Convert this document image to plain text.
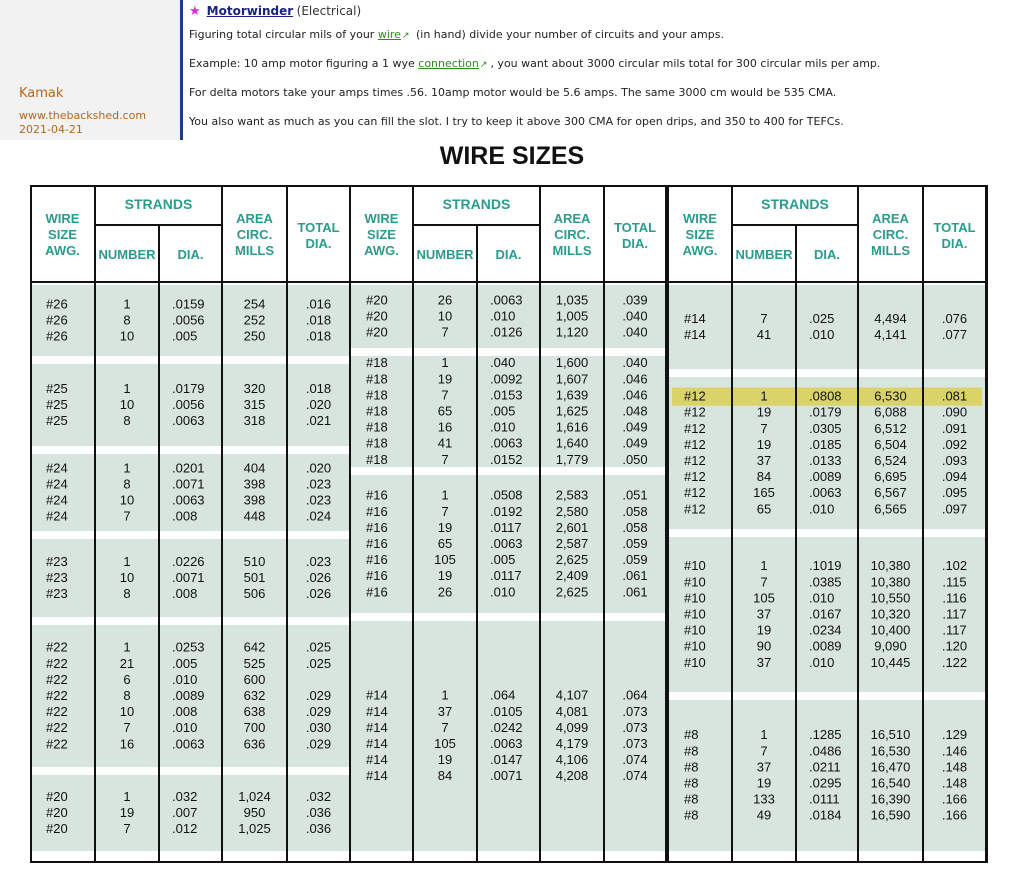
Kamak
www.thebackshed.com
2021-04-21
★ Motorwinder (Electrical)
Figuring total circular mils of your wire↗ (in hand) divide your number of circuits and your amps.
Example: 10 amp motor figuring a 1 wye connection↗ , you want about 3000 circular mils total for 300 circular mils per amp.
For delta motors take your amps times .56. 10amp motor would be 5.6 amps. The same 3000 cm would be 535 CMA.
You also want as much as you can fill the slot. I try to keep it above 300 CMA for open drips, and 350 to 400 for TEFCs.
WIRE SIZES
WIRE
SIZE
AWG.
STRANDS
NUMBER DIA.
AREA
CIRC.
MILLS
TOTAL
DIA.
WIRE
SIZE
AWG.
STRANDS
NUMBER DIA.
AREA
CIRC.
MILLS
TOTAL
DIA.
WIRE
SIZE
AWG.
STRANDS
NUMBER DIA.
AREA
CIRC.
MILLS
TOTAL
DIA.
#26	1	.0159	254	.016
#26	8	.0056	252	.018
#26	10	.005	250	.018
#25	1	.0179	320	.018
#25	10	.0056	315	.020
#25	8	.0063	318	.021
#24	1	.0201	404	.020
#24	8	.0071	398	.023
#24	10	.0063	398	.023
#24	7	.008	448	.024
#23	1	.0226	510	.023
#23	10	.0071	501	.026
#23	8	.008	506	.026
#22	1	.0253	642	.025
#22	21	.005	525	.025
#22	6	.010	600
#22	8	.0089	632	.029
#22	10	.008	638	.029
#22	7	.010	700	.030
#22	16	.0063	636	.029
#20	1	.032	1,024	.032
#20	19	.007	950	.036
#20	7	.012	1,025	.036
#20	26	.0063	1,035	.039
#20	10	.010	1,005	.040
#20	7	.0126	1,120	.040
#18	1	.040	1,600	.040
#18	19	.0092	1,607	.046
#18	7	.0153	1,639	.046
#18	65	.005	1,625	.048
#18	16	.010	1,616	.049
#18	41	.0063	1,640	.049
#18	7	.0152	1,779	.050
#16	1	.0508	2,583	.051
#16	7	.0192	2,580	.058
#16	19	.0117	2,601	.058
#16	65	.0063	2,587	.059
#16	105	.005	2,625	.059
#16	19	.0117	2,409	.061
#16	26	.010	2,625	.061
#14	1	.064	4,107	.064
#14	37	.0105	4,081	.073
#14	7	.0242	4,099	.073
#14	105	.0063	4,179	.073
#14	19	.0147	4,106	.074
#14	84	.0071	4,208	.074
#14	7	.025	4,494	.076
#14	41	.010	4,141	.077
#12	1	.0808	6,530	.081
#12	19	.0179	6,088	.090
#12	7	.0305	6,512	.091
#12	19	.0185	6,504	.092
#12	37	.0133	6,524	.093
#12	84	.0089	6,695	.094
#12	165	.0063	6,567	.095
#12	65	.010	6,565	.097
#10	1	.1019 10,380 .102
#10	7	.0385 10,380 .115
#10	105	.010	10,550 .116
#10	37	.0167 10,320 .117
#10	19	.0234 10,400 .117
#10	90	.0089	9,090	.120
#10	37	.010	10,445 .122
#8	1	.1285 16,510 .129
#8	7	.0486 16,530 .146
#8	37	.0211 16,470 .148
#8	19	.0295 16,540 .148
#8	133	.0111 16,390 .166
#8	49	.0184 16,590 .166
